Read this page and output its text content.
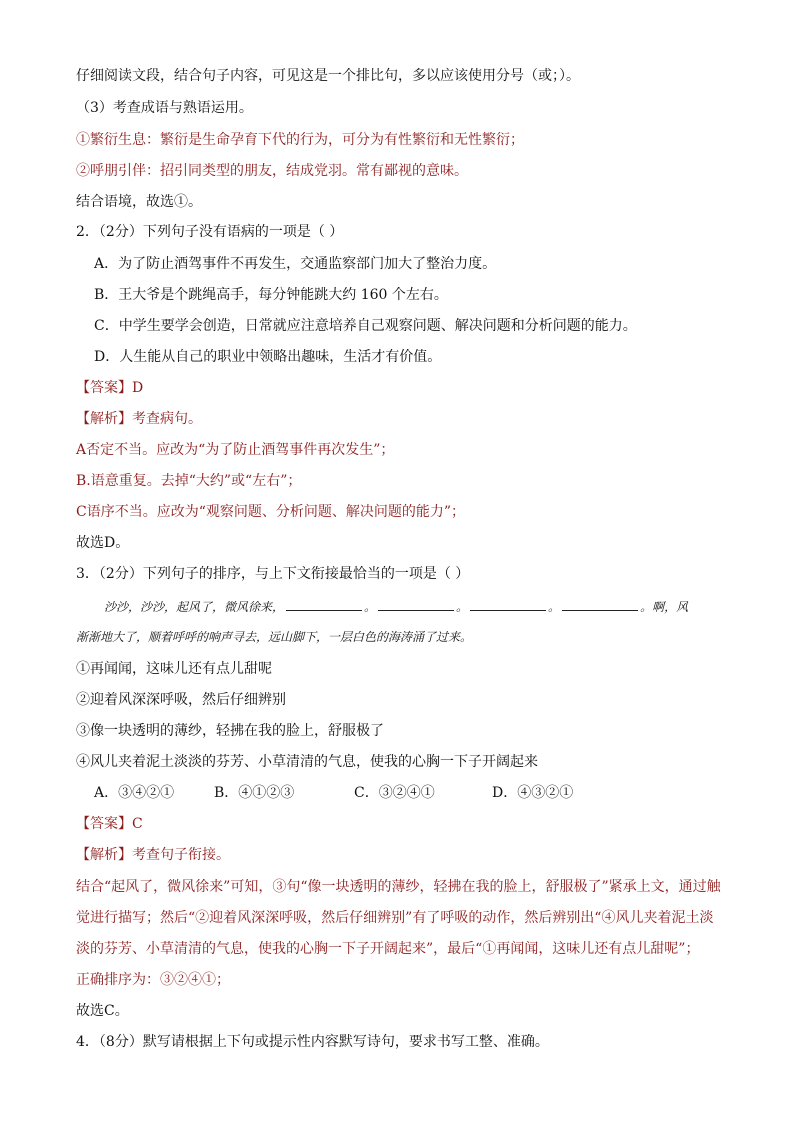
仔细阅读文段，结合句子内容，可见这是一个排比句，多以应该使用分号（或；）。
（3）考查成语与熟语运用。
①繁衍生息：繁衍是生命孕育下代的行为，可分为有性繁衍和无性繁衍；
②呼朋引伴：招引同类型的朋友，结成党羽。常有鄙视的意味。
结合语境，故选①。
2．（2分）下列句子没有语病的一项是（ ）
A．为了防止酒驾事件不再发生，交通监察部门加大了整治力度。
B．王大爷是个跳绳高手，每分钟能跳大约 160 个左右。
C．中学生要学会创造，日常就应注意培养自己观察问题、解决问题和分析问题的能力。
D．人生能从自己的职业中领略出趣味，生活才有价值。
【答案】D
【解析】考查病句。
A否定不当。应改为“为了防止酒驾事件再次发生”；
B.语意重复。去掉“大约”或“左右”；
C语序不当。应改为“观察问题、分析问题、解决问题的能力”；
故选D。
3．（2分）下列句子的排序，与上下文衔接最恰当的一项是（ ）
沙沙，沙沙，起风了，微风徐来，	。	。	。	。啊，风
渐渐地大了，顺着呼呼的响声寻去，远山脚下，一层白色的海涛涌了过来。
①再闻闻，这味儿还有点儿甜呢
②迎着风深深呼吸，然后仔细辨别
③像一块透明的薄纱，轻拂在我的脸上，舒服极了
④风儿夹着泥土淡淡的芬芳、小草清清的气息，使我的心胸一下子开阔起来
A．③④②①	B．④①②③	C．③②④①	D．④③②①
【答案】C
【解析】考查句子衔接。
结合“起风了，微风徐来”可知，③句“像一块透明的薄纱，轻拂在我的脸上，舒服极了”紧承上文，通过触
觉进行描写；然后“②迎着风深深呼吸，然后仔细辨别”有了呼吸的动作，然后辨别出“④风儿夹着泥土淡
淡的芬芳、小草清清的气息，使我的心胸一下子开阔起来”，最后“①再闻闻，这味儿还有点儿甜呢”；
正确排序为：③②④①；
故选C。
4．（8分）默写请根据上下句或提示性内容默写诗句，要求书写工整、准确。
